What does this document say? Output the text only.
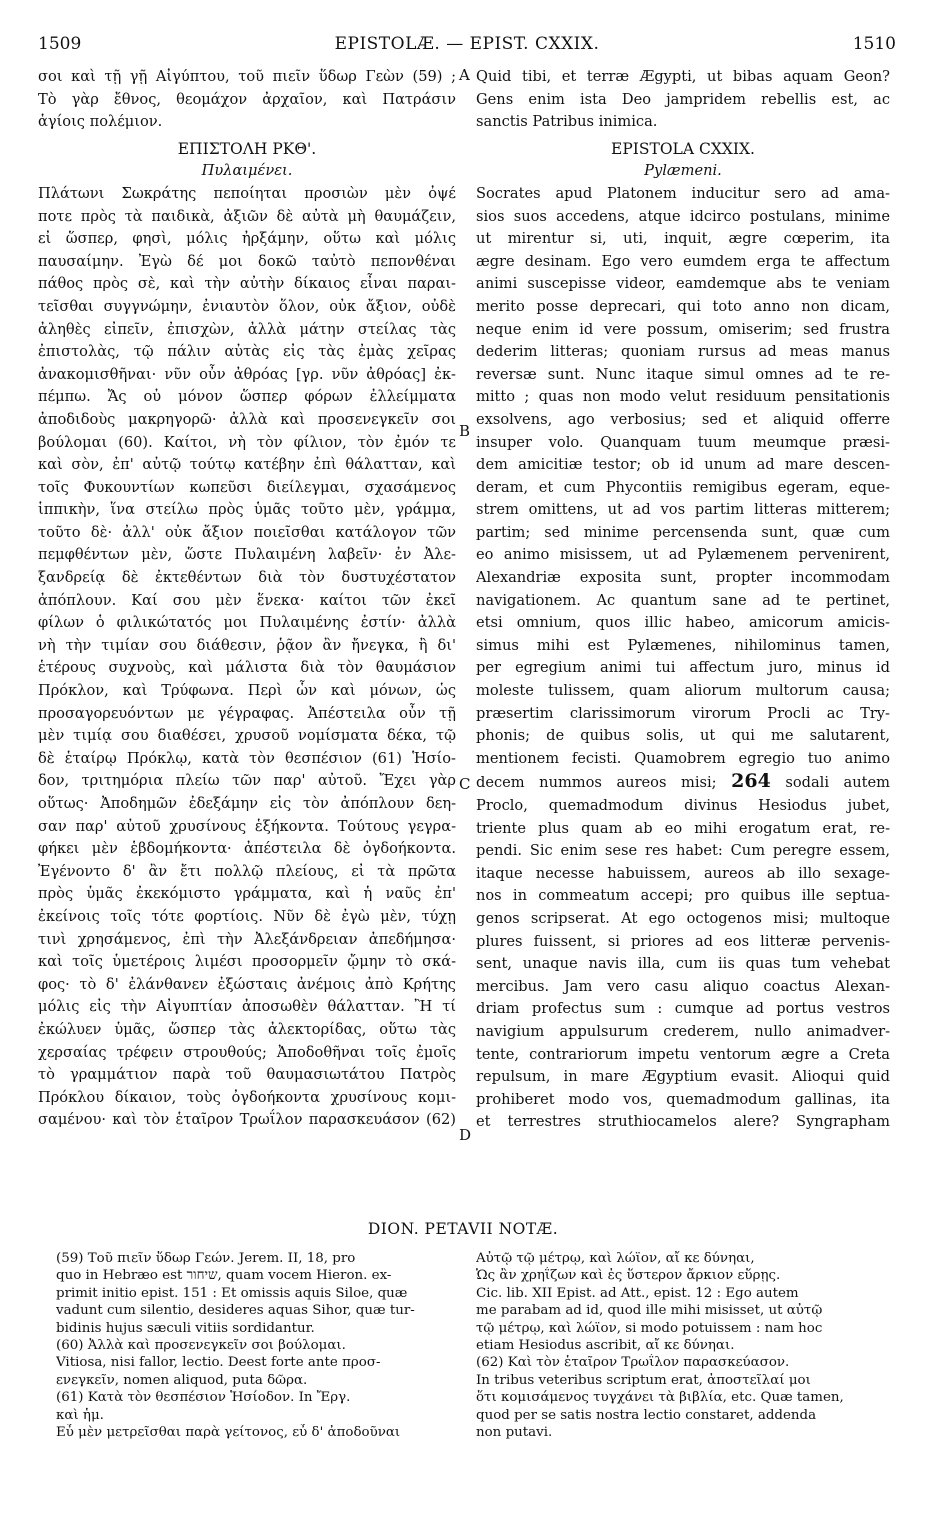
1509	EPISTOLÆ. — EPIST. CXXIX.	1510
σοι καὶ τῇ γῇ Αἰγύπτου, τοῦ πιεῖν ὕδωρ Γεὼν (59) ;
Τὸ γὰρ ἔθνος, θεομάχον ἀρχαῖον, καὶ Πατράσιν
ἁγίοις πολέμιον.
ΕΠΙΣΤΟΛΗ ΡΚΘ'.
Πυλαιμένει.
Πλάτωνι Σωκράτης πεποίηται προσιὼν μὲν ὀψέ
ποτε πρὸς τὰ παιδικὰ, ἀξιῶν δὲ αὐτὰ μὴ θαυμάζειν,
εἰ ὥσπερ, φησὶ, μόλις ἠρξάμην, οὕτω καὶ μόλις
παυσαίμην. Ἐγὼ δέ μοι δοκῶ ταὐτὸ πεπονθέναι
πάθος πρὸς σὲ, καὶ τὴν αὐτὴν δίκαιος εἶναι παραι-
τεῖσθαι συγγνώμην, ἐνιαυτὸν ὅλον, οὐκ ἄξιον, οὐδὲ
ἀληθὲς εἰπεῖν, ἐπισχὼν, ἀλλὰ μάτην στείλας τὰς
ἐπιστολὰς, τῷ πάλιν αὐτὰς εἰς τὰς ἐμὰς χεῖρας
ἀνακομισθῆναι· νῦν οὖν ἀθρόας [γρ. νῦν ἀθρόας] ἐκ-
πέμπω. Ἄς οὐ μόνον ὥσπερ φόρων ἐλλείμματα
ἀποδιδοὺς μακρηγορῶ· ἀλλὰ καὶ προσενεγκεῖν σοι
βούλομαι (60). Καίτοι, νὴ τὸν φίλιον, τὸν ἐμόν τε
καὶ σὸν, ἐπ' αὐτῷ τούτῳ κατέβην ἐπὶ θάλατταν, καὶ
τοῖς Φυκουντίων κωπεῦσι διείλεγμαι, σχασάμενος
ἱππικὴν, ἵνα στείλω πρὸς ὑμᾶς τοῦτο μὲν, γράμμα,
τοῦτο δὲ· ἀλλ' οὐκ ἄξιον ποιεῖσθαι κατάλογον τῶν
πεμφθέντων μὲν, ὥστε Πυλαιμένη λαβεῖν· ἐν Ἀλε-
ξανδρείᾳ δὲ ἐκτεθέντων διὰ τὸν δυστυχέστατον
ἀπόπλουν. Καί σου μὲν ἕνεκα· καίτοι τῶν ἐκεῖ
φίλων ὁ φιλικώτατός μοι Πυλαιμένης ἐστίν· ἀλλὰ
νὴ τὴν τιμίαν σου διάθεσιν, ῥᾷον ἂν ἤνεγκα, ἢ δι'
ἑτέρους συχνοὺς, καὶ μάλιστα διὰ τὸν θαυμάσιον
Πρόκλον, καὶ Τρύφωνα. Περὶ ὧν καὶ μόνων, ὡς
προσαγορευόντων με γέγραφας. Ἀπέστειλα οὖν τῇ
μὲν τιμίᾳ σου διαθέσει, χρυσοῦ νομίσματα δέκα, τῷ
δὲ ἑταίρῳ Πρόκλῳ, κατὰ τὸν θεσπέσιον (61) Ἡσίο-
δον, τριτημόρια πλείω τῶν παρ' αὐτοῦ. Ἔχει γὰρ
οὕτως· Ἀποδημῶν ἐδεξάμην εἰς τὸν ἀπόπλουν δεη-
σαν παρ' αὐτοῦ χρυσίνους ἑξήκοντα. Τούτους γεγρα-
φήκει μὲν ἑβδομήκοντα· ἀπέστειλα δὲ ὀγδοήκοντα.
Ἐγένοντο δ' ἂν ἔτι πολλῷ πλείους, εἰ τὰ πρῶτα
πρὸς ὑμᾶς ἐκεκόμιστο γράμματα, καὶ ἡ ναῦς ἐπ'
ἐκείνοις τοῖς τότε φορτίοις. Νῦν δὲ ἐγὼ μὲν, τύχῃ
τινὶ χρησάμενος, ἐπὶ τὴν Ἀλεξάνδρειαν ἀπεδήμησα·
καὶ τοῖς ὑμετέροις λιμέσι προσορμεῖν ᾤμην τὸ σκά-
φος· τὸ δ' ἐλάνθανεν ἐξώσταις ἀνέμοις ἀπὸ Κρήτης
μόλις εἰς τὴν Αἰγυπτίαν ἀποσωθὲν θάλατταν. Ἢ τί
ἐκώλυεν ὑμᾶς, ὥσπερ τὰς ἀλεκτορίδας, οὕτω τὰς
χερσαίας τρέφειν στρουθούς; Ἀποδοθῆναι τοῖς ἐμοῖς
τὸ γραμμάτιον παρὰ τοῦ θαυμασιωτάτου Πατρὸς
Πρόκλου δίκαιον, τοὺς ὀγδοήκοντα χρυσίνους κομι-
σαμένου· καὶ τὸν ἑταῖρον Τρωΐλον παρασκευάσον (62)
Quid tibi, et terræ Ægypti, ut bibas aquam Geon?
Gens enim ista Deo jampridem rebellis est, ac
sanctis Patribus inimica.
EPISTOLA CXXIX.
Pylæmeni.
Socrates apud Platonem inducitur sero ad ama-
sios suos accedens, atque idcirco postulans, minime
ut mirentur si, uti, inquit, ægre cœperim, ita
ægre desinam. Ego vero eumdem erga te affectum
animi suscepisse videor, eamdemque abs te veniam
merito posse deprecari, qui toto anno non dicam,
neque enim id vere possum, omiserim; sed frustra
dederim litteras; quoniam rursus ad meas manus
reversæ sunt. Nunc itaque simul omnes ad te re-
mitto ; quas non modo velut residuum pensitationis
exsolvens, ago verbosius; sed et aliquid offerre
insuper volo. Quanquam tuum meumque præsi-
dem amicitiæ testor; ob id unum ad mare descen-
deram, et cum Phycontiis remigibus egeram, eque-
strem omittens, ut ad vos partim litteras mitterem;
partim; sed minime percensenda sunt, quæ cum
eo animo misissem, ut ad Pylæmenem pervenirent,
Alexandriæ exposita sunt, propter incommodam
navigationem. Ac quantum sane ad te pertinet,
etsi omnium, quos illic habeo, amicorum amicis-
simus mihi est Pylæmenes, nihilominus tamen,
per egregium animi tui affectum juro, minus id
moleste tulissem, quam aliorum multorum causa;
præsertim clarissimorum virorum Procli ac Try-
phonis; de quibus solis, ut qui me salutarent,
mentionem fecisti. Quamobrem egregio tuo animo
decem nummos aureos misi; 264 sodali autem
Proclo, quemadmodum divinus Hesiodus jubet,
triente plus quam ab eo mihi erogatum erat, re-
pendi. Sic enim sese res habet: Cum peregre essem,
itaque necesse habuissem, aureos ab illo sexage-
nos in commeatum accepi; pro quibus ille septua-
genos scripserat. At ego octogenos misi; multoque
plures fuissent, si priores ad eos litteræ pervenis-
sent, unaque navis illa, cum iis quas tum vehebat
mercibus. Jam vero casu aliquo coactus Alexan-
driam profectus sum : cumque ad portus vestros
navigium appulsurum crederem, nullo animadver-
tente, contrariorum impetu ventorum ægre a Creta
repulsum, in mare Ægyptium evasit. Alioqui quid
prohiberet modo vos, quemadmodum gallinas, ita
et terrestres struthiocamelos alere? Syngrapham
A
B
C
D
DION. PETAVII NOTÆ.
(59) Τοῦ πιεῖν ὕδωρ Γεών. Jerem. II, 18, pro
quo in Hebræo est שיחור, quam vocem Hieron. ex-
primit initio epist. 151 : Et omissis aquis Siloe, quæ
vadunt cum silentio, desideres aquas Sihor, quæ tur-
bidinis hujus sæculi vitiis sordidantur.
(60) Ἀλλὰ καὶ προσενεγκεῖν σοι βούλομαι.
Vitiosa, nisi fallor, lectio. Deest forte ante προσ-
ενεγκεῖν, nomen aliquod, puta δῶρα.
(61) Κατὰ τὸν θεσπέσιον Ἡσίοδον. In Ἔργ.
καὶ ἡμ.
Εὖ μὲν μετρεῖσθαι παρὰ γείτονος, εὖ δ' ἀποδοῦναι
Αὐτῷ τῷ μέτρῳ, καὶ λώϊον, αἴ κε δύνηαι,
Ὡς ἂν χρηΐζων καὶ ἐς ὕστερον ἄρκιον εὕρῃς.
Cic. lib. XII Epist. ad Att., epist. 12 : Ego autem
me parabam ad id, quod ille mihi misisset, ut αὐτῷ
τῷ μέτρῳ, καὶ λώϊον, si modo potuissem : nam hoc
etiam Hesiodus ascribit, αἴ κε δύνηαι.
(62) Καὶ τὸν ἑταῖρον Τρωΐλον παρασκεύασον.
In tribus veteribus scriptum erat, ἀποστεῖλαί μοι
ὅτι κομισάμενος τυγχάνει τὰ βιβλία, etc. Quæ tamen,
quod per se satis nostra lectio constaret, addenda
non putavi.
